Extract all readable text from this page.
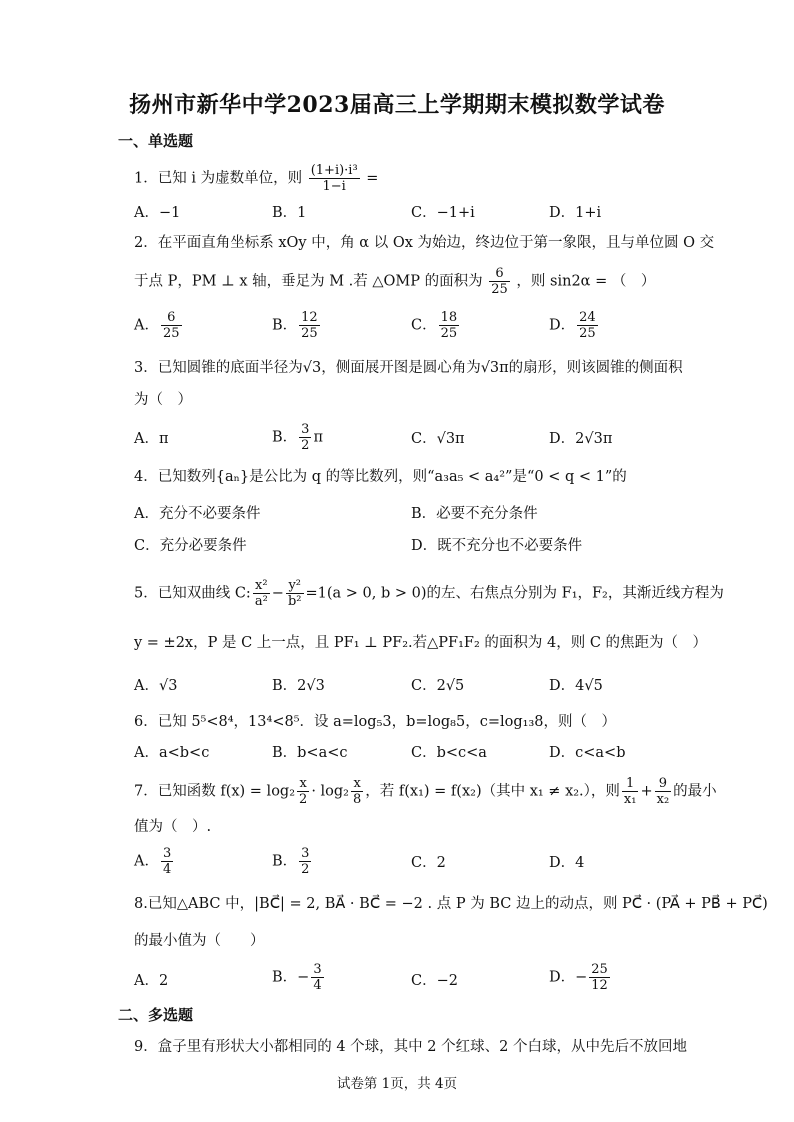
扬州市新华中学2023届高三上学期期末模拟数学试卷
一、单选题
1．已知 i 为虚数单位，则 $\frac{\text{(1+i)·i³}}{1-i}$ =
A．−1	B．1	C．−1+i	D．1+i
2．在平面直角坐标系 xOy 中，角 α 以 Ox 为始边，终边位于第一象限，且与单位圆 O 交
于点 P，PM ⊥ x 轴，垂足为 M .若 △OMP 的面积为 $\frac{6}{25}$ ，则 sin2α = （　）
A． $\frac{6}{25}$	B． $\frac{12}{25}$	C． $\frac{18}{25}$	D． $\frac{24}{25}$
3．已知圆锥的底面半径为√3，侧面展开图是圆心角为√3π的扇形，则该圆锥的侧面积
为（　）
A．π	B． $\frac{3}{2}$ π	C．√3π	D．2√3π
4．已知数列{aₙ}是公比为 q 的等比数列，则“a₃a₅ < a₄²”是“0 < q < 1”的
A．充分不必要条件	B．必要不充分条件
C．充分必要条件	D．既不充分也不必要条件
5．已知双曲线 C: $\frac{\text{x²}}{\text{a²}} - \frac{\text{y²}}{\text{b²}} =1(a > 0$, b > 0)的左、右焦点分别为 F₁，F₂，其渐近线方程为
y = ±2x，P 是 C 上一点，且 PF₁ ⊥ PF₂.若△PF₁F₂ 的面积为 4，则 C 的焦距为（　）
A．√3	B．2√3	C．2√5	D．4√5
6．已知 5⁵<8⁴，13⁴<8⁵．设 a=log₅3，b=log₈5，c=log₁₃8，则（　）
A．a<b<c	B．b<a<c	C．b<c<a	D．c<a<b
7．已知函数 $f(x) = \log_2 \frac{x}{2} \cdot \log_2 \frac{x}{8}$ ，若 f(x₁) = f(x₂)（其中 x₁ ≠ x₂.），则 $\frac{1}{\text{x₁}} + \frac{9}{\text{x₂}}$ 的最小
值为（　）.
A． $\frac{3}{4}$	B． $\frac{3}{2}$	C．2	D．4
8.已知△ABC 中，|BC⃗| = 2, BA⃗ · BC⃗ = −2 . 点 P 为 BC 边上的动点，则 PC⃗ · (PA⃗ + PB⃗ + PC⃗)
的最小值为（　　）
A．2	B．− $\frac{3}{4}$	C．−2	D．− $\frac{25}{12}$
二、多选题
9．盒子里有形状大小都相同的 4 个球，其中 2 个红球、2 个白球，从中先后不放回地
试卷第 1页，共 4页
